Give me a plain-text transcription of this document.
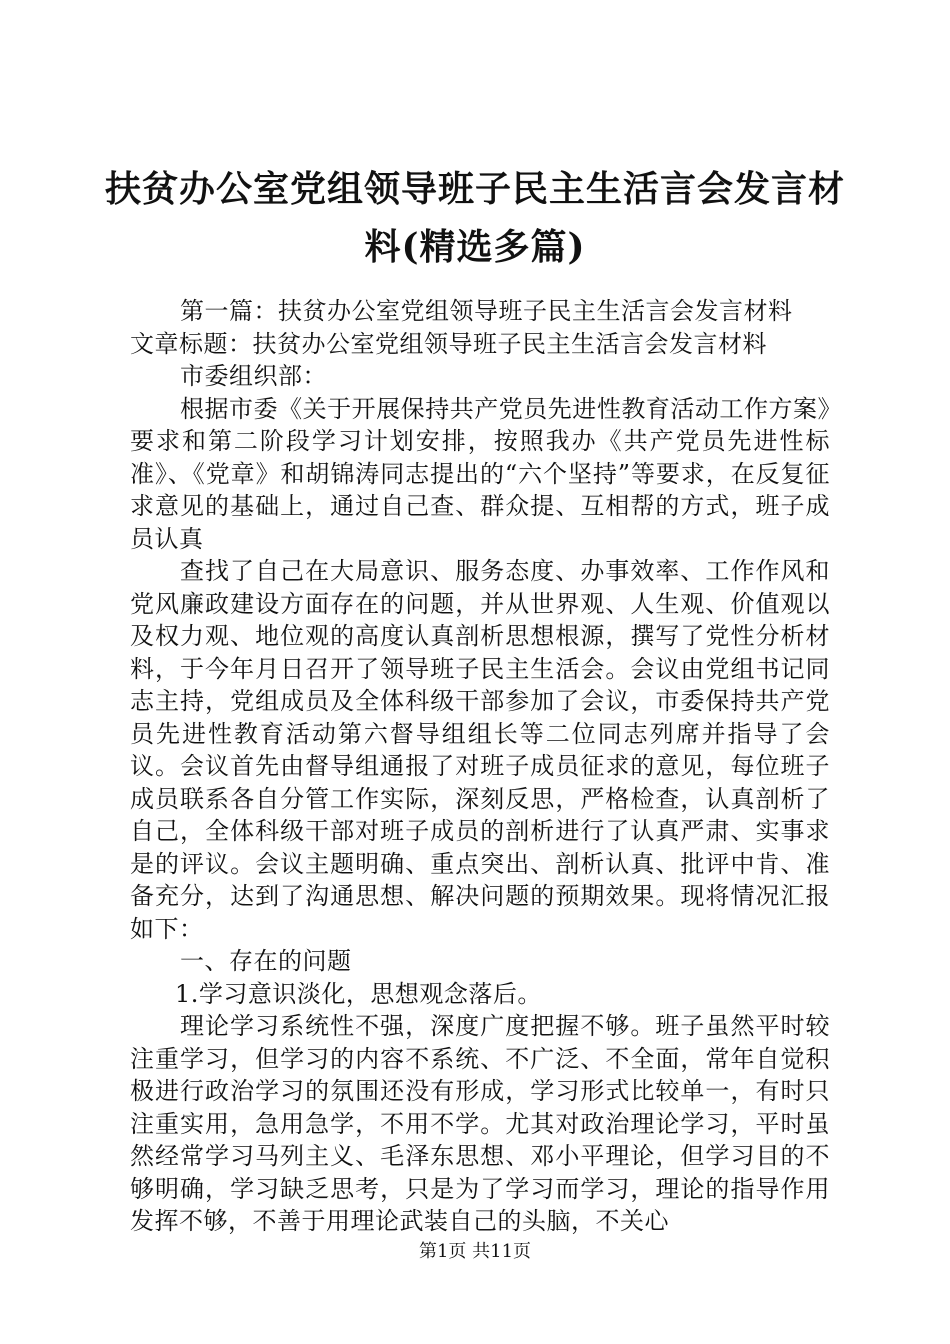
扶贫办公室党组领导班子民主生活言会发言材
料(精选多篇)

第一篇：扶贫办公室党组领导班子民主生活言会发言材料

文章标题：扶贫办公室党组领导班子民主生活言会发言材料

市委组织部：

根据市委《关于开展保持共产党员先进性教育活动工作方案》要求和第二阶段学习计划安排，按照我办《共产党员先进性标准》、《党章》和胡锦涛同志提出的“六个坚持”等要求，在反复征求意见的基础上，通过自己查、群众提、互相帮的方式，班子成员认真

查找了自己在大局意识、服务态度、办事效率、工作作风和党风廉政建设方面存在的问题，并从世界观、人生观、价值观以及权力观、地位观的高度认真剖析思想根源，撰写了党性分析材料，于今年月日召开了领导班子民主生活会。会议由党组书记同志主持，党组成员及全体科级干部参加了会议，市委保持共产党员先进性教育活动第六督导组组长等二位同志列席并指导了会议。会议首先由督导组通报了对班子成员征求的意见，每位班子成员联系各自分管工作实际，深刻反思，严格检查，认真剖析了自己，全体科级干部对班子成员的剖析进行了认真严肃、实事求是的评议。会议主题明确、重点突出、剖析认真、批评中肯、准备充分，达到了沟通思想、解决问题的预期效果。现将情况汇报如下：

一、存在的问题

1.学习意识淡化，思想观念落后。

理论学习系统性不强，深度广度把握不够。班子虽然平时较注重学习，但学习的内容不系统、不广泛、不全面，常年自觉积极进行政治学习的氛围还没有形成，学习形式比较单一，有时只注重实用，急用急学，不用不学。尤其对政治理论学习，平时虽然经常学习马列主义、毛泽东思想、邓小平理论，但学习目的不够明确，学习缺乏思考，只是为了学习而学习，理论的指导作用发挥不够，不善于用理论武装自己的头脑，不关心

第1页 共11页
